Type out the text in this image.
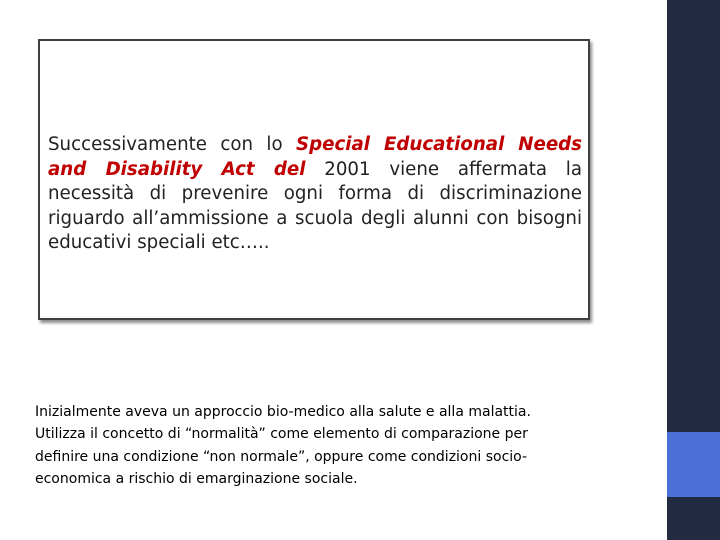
Successivamente con lo Special Educational Needs and Disability Act del 2001 viene affermata la necessità di prevenire ogni forma di discriminazione riguardo all’ammissione a scuola degli alunni con bisogni educativi speciali etc…..

Inizialmente aveva un approccio bio-medico alla salute e alla malattia.
Utilizza il concetto di “normalità” come elemento di comparazione per
definire una condizione “non normale”, oppure come condizioni socio-
economica a rischio di emarginazione sociale.
